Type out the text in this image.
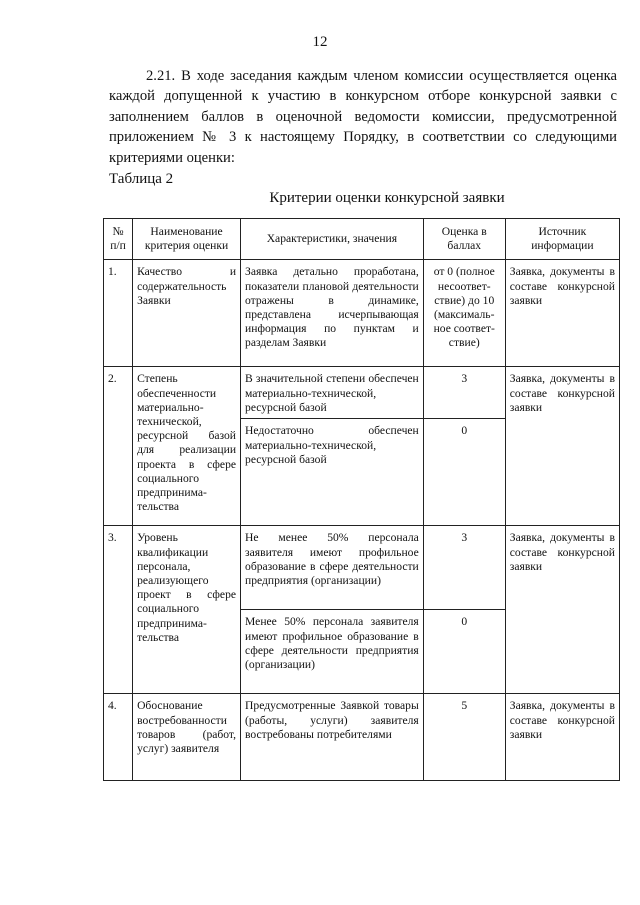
12
2.21. В ходе заседания каждым членом комиссии осуществляется оценка каждой допущенной к участию в конкурсном отборе конкурсной заявки с заполнением баллов в оценочной ведомости комиссии, предусмотренной приложением № 3 к настоящему Порядку, в соответствии со следующими критериями оценки:
Таблица 2
Критерии оценки конкурсной заявки
№ п/п	Наименование критерия оценки	Характеристики, значения	Оценка в баллах	Источник информации
1.	Качество и содержательность Заявки	Заявка детально проработана, показатели плановой деятельности отражены в динамике, представлена исчерпывающая информация по пунктам и разделам Заявки	от 0 (полное несоответ-ствие) до 10 (максималь-ное соответ-ствие)	Заявка, документы в составе конкурсной заявки
2.	Степень обеспеченности материально-технической, ресурсной базой для реализации проекта в сфере социального предпринима-тельства	В значительной степени обеспечен материально-технической, ресурсной базой	3	Заявка, документы в составе конкурсной заявки
		Недостаточно обеспечен материально-технической, ресурсной базой	0	
3.	Уровень квалификации персонала, реализующего проект в сфере социального предпринима-тельства	Не менее 50% персонала заявителя имеют профильное образование в сфере деятельности предприятия (организации)	3	Заявка, документы в составе конкурсной заявки
		Менее 50% персонала заявителя имеют профильное образование в сфере деятельности предприятия (организации)	0	
4.	Обоснование востребованности товаров (работ, услуг) заявителя	Предусмотренные Заявкой товары (работы, услуги) заявителя востребованы потребителями	5	Заявка, документы в составе конкурсной заявки
